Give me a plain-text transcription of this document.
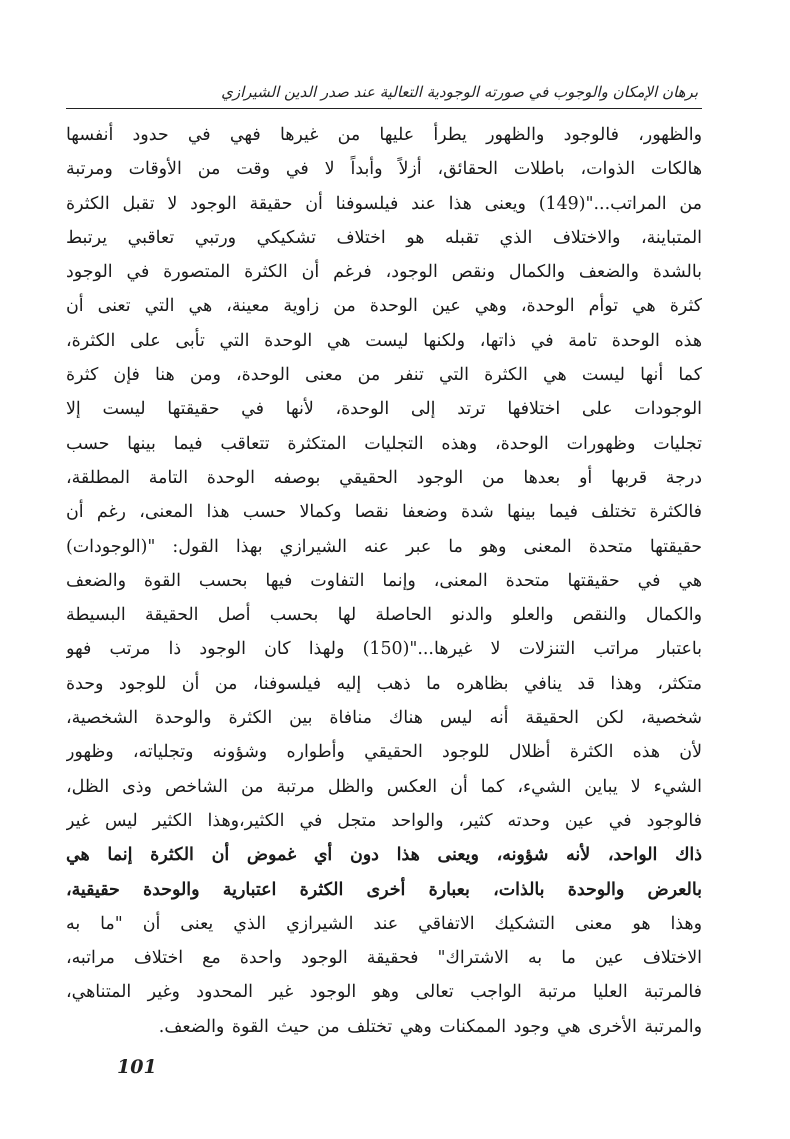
برهان الإمكان والوجوب في صورته الوجودية التعالية عند صدر الدين الشيرازي
والظهور، فالوجود والظهور يطرأ عليها من غيرها فهي في حدود أنفسها
هالكات الذوات، باطلات الحقائق، أزلاً وأبداً لا في وقت من الأوقات ومرتبة
من المراتب..."(149) ويعنى هذا عند فيلسوفنا أن حقيقة الوجود لا تقبل الكثرة
المتباينة، والاختلاف الذي تقبله هو اختلاف تشكيكي ورتبي تعاقبي يرتبط
بالشدة والضعف والكمال ونقص الوجود، فرغم أن الكثرة المتصورة في الوجود
كثرة هي توأم الوحدة، وهي عين الوحدة من زاوية معينة، هي التي تعنى أن
هذه الوحدة تامة في ذاتها، ولكنها ليست هي الوحدة التي تأبى على الكثرة،
كما أنها ليست هي الكثرة التي تنفر من معنى الوحدة، ومن هنا فإن كثرة
الوجودات على اختلافها ترتد إلى الوحدة، لأنها في حقيقتها ليست إلا
تجليات وظهورات الوحدة، وهذه التجليات المتكثرة تتعاقب فيما بينها حسب
درجة قربها أو بعدها من الوجود الحقيقي بوصفه الوحدة التامة المطلقة،
فالكثرة تختلف فيما بينها شدة وضعفا نقصا وكمالا حسب هذا المعنى، رغم أن
حقيقتها متحدة المعنى وهو ما عبر عنه الشيرازي بهذا القول: "(الوجودات)
هي في حقيقتها متحدة المعنى، وإنما التفاوت فيها بحسب القوة والضعف
والكمال والنقص والعلو والدنو الحاصلة لها بحسب أصل الحقيقة البسيطة
باعتبار مراتب التنزلات لا غيرها..."(150) ولهذا كان الوجود ذا مرتب فهو
متكثر، وهذا قد ينافي بظاهره ما ذهب إليه فيلسوفنا، من أن للوجود وحدة
شخصية، لكن الحقيقة أنه ليس هناك منافاة بين الكثرة والوحدة الشخصية،
لأن هذه الكثرة أظلال للوجود الحقيقي وأطواره وشؤونه وتجلياته، وظهور
الشيء لا يباين الشيء، كما أن العكس والظل مرتبة من الشاخص وذى الظل،
فالوجود في عين وحدته كثير، والواحد متجل في الكثير،وهذا الكثير ليس غير
ذاك الواحد، لأنه شؤونه، ويعنى هذا دون أي غموض أن الكثرة إنما هي
بالعرض والوحدة بالذات، بعبارة أخرى الكثرة اعتبارية والوحدة حقيقية،
وهذا هو معنى التشكيك الاتفاقي عند الشيرازي الذي يعنى أن "ما به
الاختلاف عين ما به الاشتراك" فحقيقة الوجود واحدة مع اختلاف مراتبه،
فالمرتبة العليا مرتبة الواجب تعالى وهو الوجود غير المحدود وغير المتناهي،
والمرتبة الأخرى هي وجود الممكنات وهي تختلف من حيث القوة والضعف.
101
